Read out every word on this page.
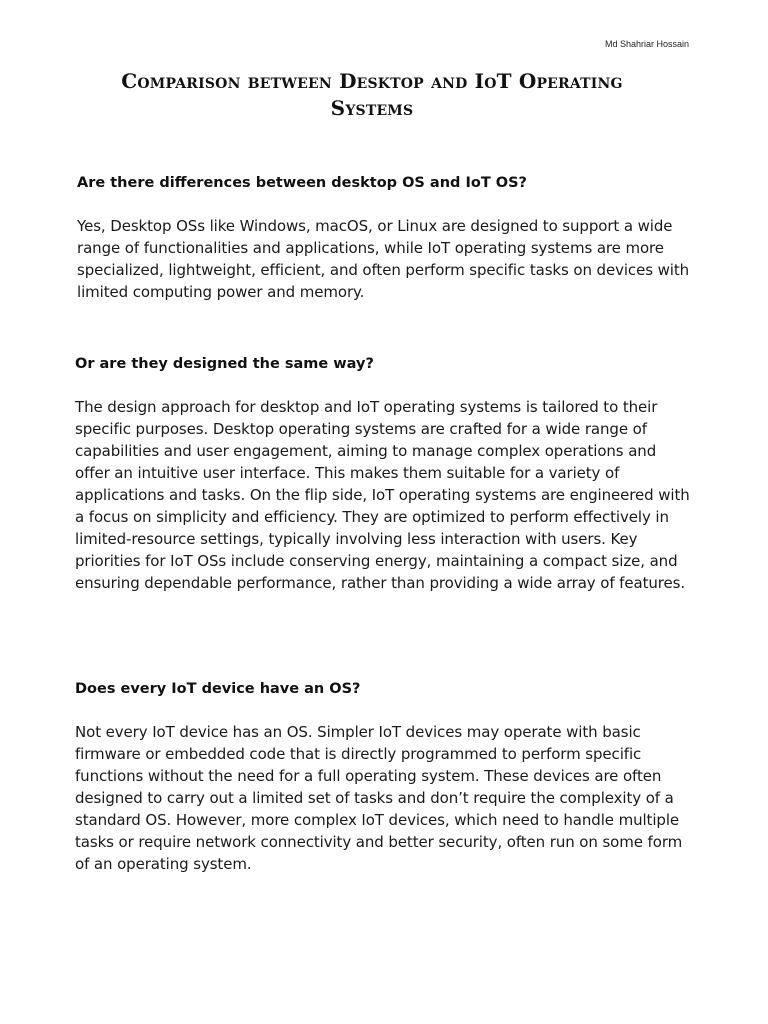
Md Shahriar Hossain

Comparison between Desktop and IoT Operating Systems

Are there differences between desktop OS and IoT OS?

Yes, Desktop OSs like Windows, macOS, or Linux are designed to support a wide range of functionalities and applications, while IoT operating systems are more specialized, lightweight, efficient, and often perform specific tasks on devices with limited computing power and memory.

Or are they designed the same way?

The design approach for desktop and IoT operating systems is tailored to their specific purposes. Desktop operating systems are crafted for a wide range of capabilities and user engagement, aiming to manage complex operations and offer an intuitive user interface. This makes them suitable for a variety of applications and tasks. On the flip side, IoT operating systems are engineered with a focus on simplicity and efficiency. They are optimized to perform effectively in limited-resource settings, typically involving less interaction with users. Key priorities for IoT OSs include conserving energy, maintaining a compact size, and ensuring dependable performance, rather than providing a wide array of features.

Does every IoT device have an OS?

Not every IoT device has an OS. Simpler IoT devices may operate with basic firmware or embedded code that is directly programmed to perform specific functions without the need for a full operating system. These devices are often designed to carry out a limited set of tasks and don’t require the complexity of a standard OS. However, more complex IoT devices, which need to handle multiple tasks or require network connectivity and better security, often run on some form of an operating system.
